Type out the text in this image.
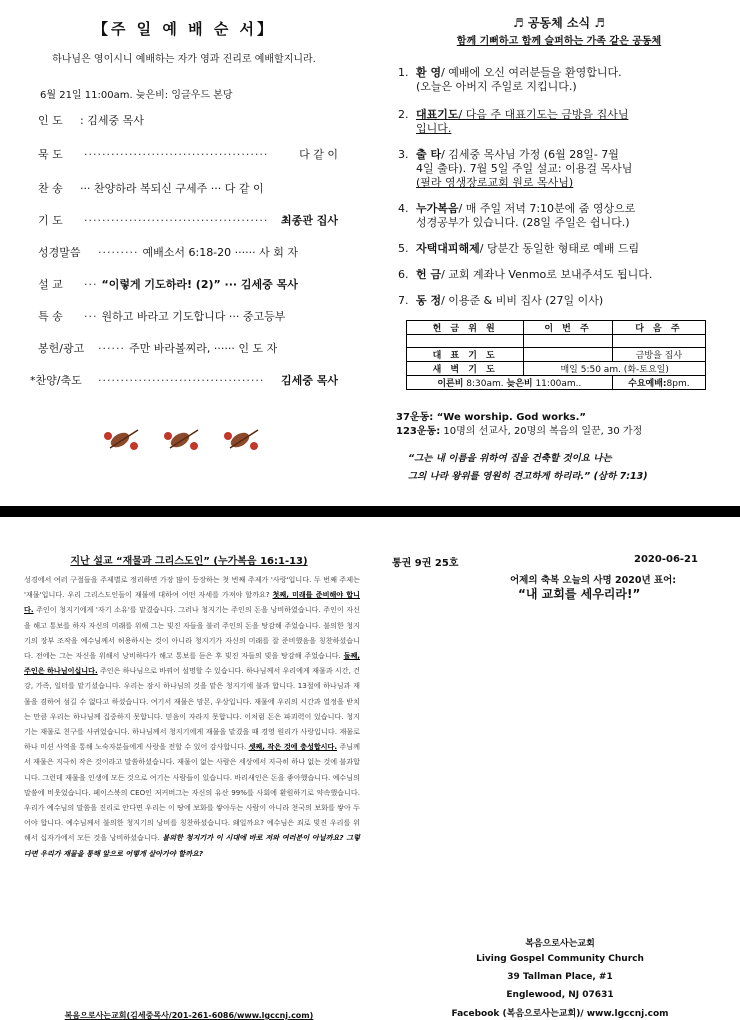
【주 일 예 배 순 서】
하나님은 영이시니 예배하는 자가 영과 진리로 예배할지니라.
6월 21일 11:00am. 늦은비: 잉글우드 본당
인 도	: 김세중 목사
묵 도	·········································	다 같 이
찬 송	··· 찬양하라 복되신 구세주 ··· 다 같 이
기 도	·········································	최종관 집사
성경말씀	········· 예배소서 6:18-20 ······ 사 회 자
설 교	··· “이렇게 기도하라! (2)” ··· 김세중 목사
특 송	··· 원하고 바라고 기도합니다 ··· 중고등부
봉헌/광고	······ 주만 바라볼찌라, ······ 인 도 자
*찬양/축도	·····································	김세중 목사
♬ 공동체 소식 ♬
함께 기뻐하고 함께 슬퍼하는 가족 같은 공동체
1. 환 영/ 예배에 오신 여러분들을 환영합니다.
(오늘은 아버지 주일로 지킵니다.)
2. 대표기도/ 다음 주 대표기도는 금방을 집사님
입니다.
3. 출 타/ 김세중 목사님 가정 (6월 28일- 7월
4일 출타). 7월 5일 주일 설교: 이용걸 목사님
(필라 영생장로교회 원로 목사님)
4. 누가복음/ 매 주일 저녁 7:10분에 줌 영상으로
성경공부가 있습니다. (28일 주일은 쉽니다.)
5. 자택대피해제/ 당분간 동일한 형태로 예배 드림
6. 헌 금/ 교회 계좌나 Venmo로 보내주셔도 됩니다.
7. 동 정/ 이용준 & 비비 집사 (27일 이사)
헌 금 위 원	이 번 주	다 음 주

대 표 기 도		금방을 집사
새 벽 기 도	매일 5:50 am. (화-토요일)	
이른비 8:30am. 늦은비 11:00am..		수요예배:8pm.
37운동: “We worship. God works.”
123운동: 10명의 선교사, 20명의 복음의 일꾼, 30 가정
“그는 내 이름을 위하여 집을 건축할 것이요 나는
그의 나라 왕위를 영원히 견고하게 하리라.” (삼하 7:13)
지난 설교 “재물과 그리스도인” (누가복음 16:1-13)
성경에서 여러 구절들을 주제별로 정리하면 가장 많이 등장하는 첫 번째 주제가 '사랑'입니다. 두 번째 주제는 '재물'입니다. 우리 그리스도인들이 재물에 대하여 어떤 자세를 가져야 할까요? 첫째, 미래를 준비해야 합니다. 주인이 청지기에게 '자기 소유'를 맡겼습니다. 그러나 청지기는 주인의 돈을 낭비하였습니다. 주인이 자신을 해고 통보를 하자 자신의 미래를 위해 그는 빚진 자들을 불러 주인의 돈을 탕감해 주었습니다. 불의한 청지기의 장부 조작을 예수님께서 허용하시는 것이 아니라 청지기가 자신의 미래를 잘 준비했음을 칭찬하셨습니다. 전에는 그는 자신을 위해서 낭비하다가 해고 통보를 듣은 후 빚진 자들의 빚을 탕감해 주었습니다. 둘째, 주인은 하나님이십니다. 주인은 하나님으로 바꿔어 설명할 수 있습니다. 하나님께서 우리에게 재물과 시간, 건강, 가족, 일터를 맡기셨습니다. 우리는 잠시 하나님의 것을 맡은 청지기에 불과 합니다. 13절에 하나님과 재물을 겸하여 섬길 수 없다고 하셨습니다. 여기서 재물은 맘몬, 우상입니다. 재물에 우리의 시간과 열정을 받치는 만큼 우리는 하나님께 집중하지 못합니다. 믿음이 자라지 못합니다. 이처럼 돈은 파괴력이 있습니다. 청지기는 재물로 친구를 사귀었습니다. 하나님께서 청지기에게 재물을 맡겼을 때 경영 원리가 사랑입니다. 재물로 하나 미션 사역을 통해 노숙자분들에게 사랑을 전할 수 있어 감사합니다. 셋째, 작은 것에 충성합시다. 주님께서 재물은 지극히 작은 것이라고 말씀하셨습니다. 재물이 없는 사람은 세상에서 지극히 하나 없는 것에 불과합니다. 그런데 재물을 인생에 모든 것으로 여기는 사람들이 있습니다. 바리새인은 돈을 좋아했습니다. 예수님의 말씀에 비웃었습니다. 페이스북의 CEO인 저커버그는 자신의 유산 99%를 사회에 환원하기로 약속했습니다. 우리가 예수님의 말씀을 진리로 안다면 우리는 이 땅에 보화를 쌓아두는 사람이 아니라 천국의 보화를 쌓아 두어야 합니다. 예수님께서 불의한 청지기의 낭비를 칭찬하셨습니다. 왜일까요? 예수님은 죄로 빚진 우리를 위해서 십자가에서 모든 것을 낭비하셨습니다. 불의한 청지기가 이 시대에 바로 저와 여러분이 아닐까요? 그렇다면 우리가 재물을 통해 앞으로 어떻게 살아가야 할까요?
복음으로사는교회(김세중목사/201-261-6086/www.lgccnj.com)
통권 9권 25호	2020-06-21
어제의 축복 오늘의 사명 2020년 표어:
“내 교회를 세우리라!”
복음으로사는교회
Living Gospel Community Church
39 Tallman Place, #1
Englewood, NJ 07631
Facebook (복음으로사는교회)/ www.lgccnj.com
